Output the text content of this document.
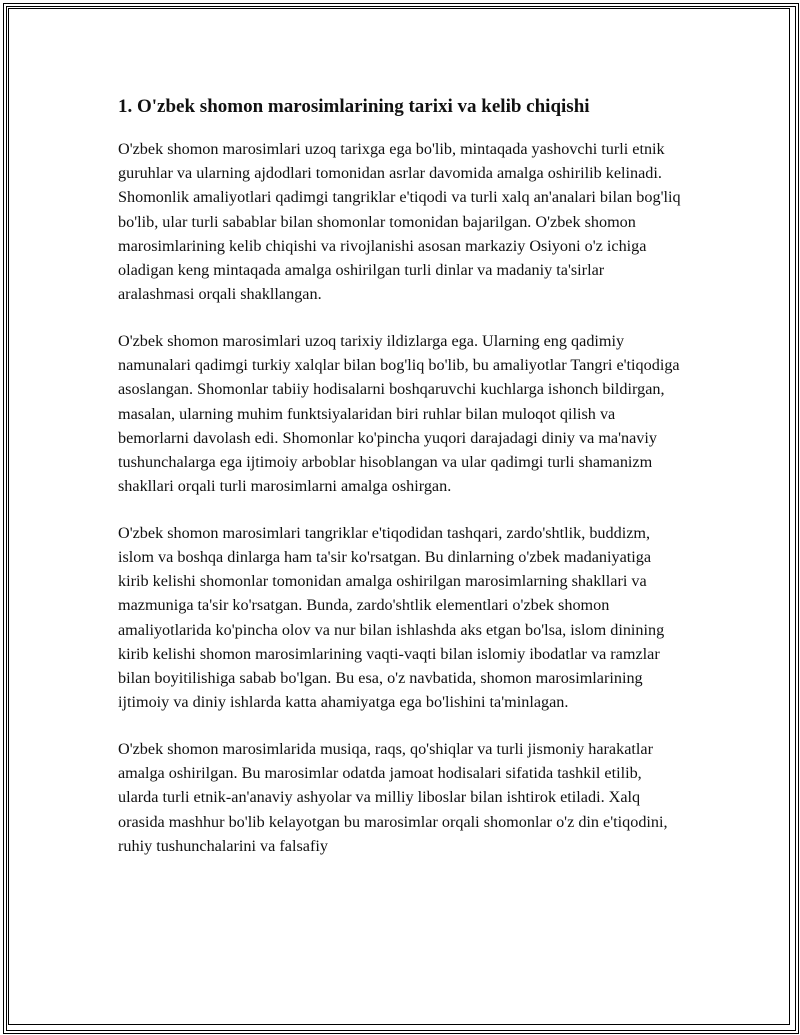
1. O'zbek shomon marosimlarining tarixi va kelib chiqishi

O'zbek shomon marosimlari uzoq tarixga ega bo'lib, mintaqada yashovchi turli etnik guruhlar va ularning ajdodlari tomonidan asrlar davomida amalga oshirilib kelinadi. Shomonlik amaliyotlari qadimgi tangriklar e'tiqodi va turli xalq an'analari bilan bog'liq bo'lib, ular turli sabablar bilan shomonlar tomonidan bajarilgan. O'zbek shomon marosimlarining kelib chiqishi va rivojlanishi asosan markaziy Osiyoni o'z ichiga oladigan keng mintaqada amalga oshirilgan turli dinlar va madaniy ta'sirlar aralashmasi orqali shakllangan.

O'zbek shomon marosimlari uzoq tarixiy ildizlarga ega. Ularning eng qadimiy namunalari qadimgi turkiy xalqlar bilan bog'liq bo'lib, bu amaliyotlar Tangri e'tiqodiga asoslangan. Shomonlar tabiiy hodisalarni boshqaruvchi kuchlarga ishonch bildirgan, masalan, ularning muhim funktsiyalaridan biri ruhlar bilan muloqot qilish va bemorlarni davolash edi. Shomonlar ko'pincha yuqori darajadagi diniy va ma'naviy tushunchalarga ega ijtimoiy arboblar hisoblangan va ular qadimgi turli shamanizm shakllari orqali turli marosimlarni amalga oshirgan.

O'zbek shomon marosimlari tangriklar e'tiqodidan tashqari, zardo'shtlik, buddizm, islom va boshqa dinlarga ham ta'sir ko'rsatgan. Bu dinlarning o'zbek madaniyatiga kirib kelishi shomonlar tomonidan amalga oshirilgan marosimlarning shakllari va mazmuniga ta'sir ko'rsatgan. Bunda, zardo'shtlik elementlari o'zbek shomon amaliyotlarida ko'pincha olov va nur bilan ishlashda aks etgan bo'lsa, islom dinining kirib kelishi shomon marosimlarining vaqti-vaqti bilan islomiy ibodatlar va ramzlar bilan boyitilishiga sabab bo'lgan. Bu esa, o'z navbatida, shomon marosimlarining ijtimoiy va diniy ishlarda katta ahamiyatga ega bo'lishini ta'minlagan.

O'zbek shomon marosimlarida musiqa, raqs, qo'shiqlar va turli jismoniy harakatlar amalga oshirilgan. Bu marosimlar odatda jamoat hodisalari sifatida tashkil etilib, ularda turli etnik-an'anaviy ashyolar va milliy liboslar bilan ishtirok etiladi. Xalq orasida mashhur bo'lib kelayotgan bu marosimlar orqali shomonlar o'z din e'tiqodini, ruhiy tushunchalarini va falsafiy
